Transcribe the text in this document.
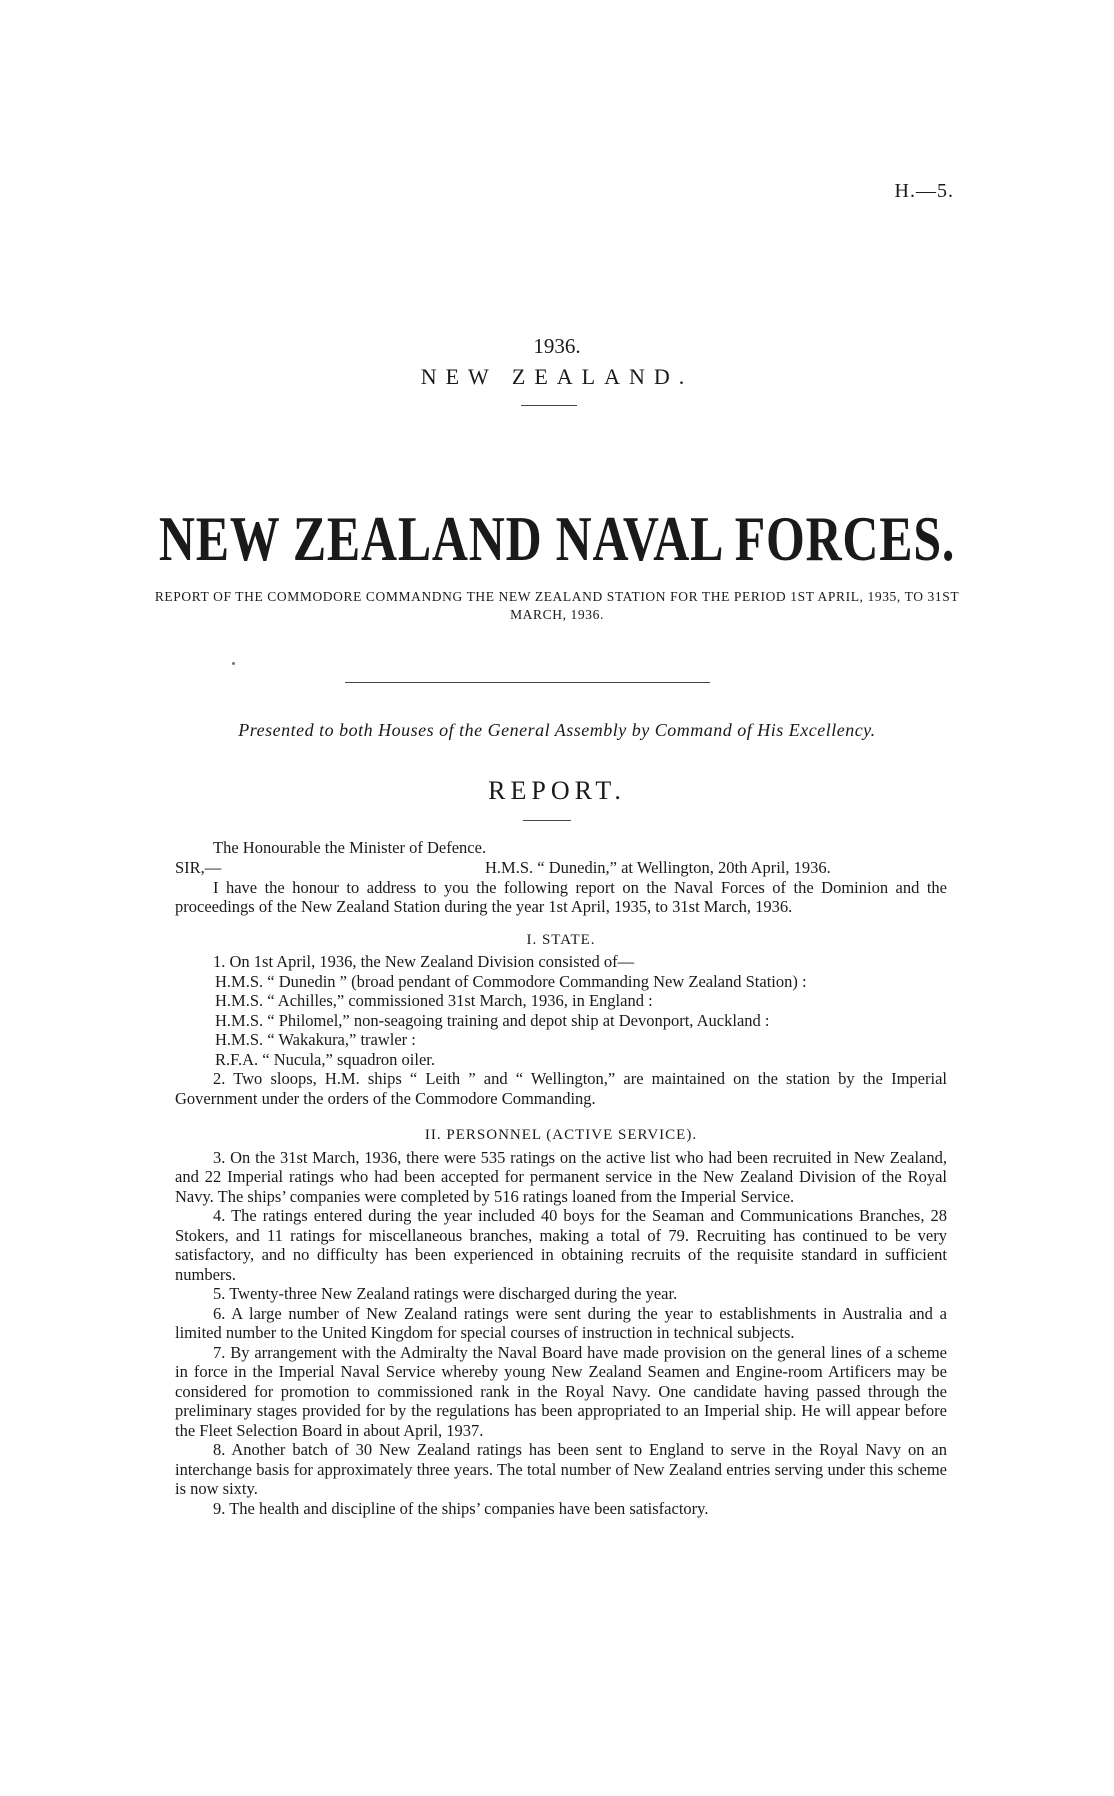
H.—5.
1936.
NEW ZEALAND.
NEW ZEALAND NAVAL FORCES.
REPORT OF THE COMMODORE COMMANDNG THE NEW ZEALAND STATION FOR THE PERIOD 1ST APRIL, 1935, TO 31ST MARCH, 1936.
Presented to both Houses of the General Assembly by Command of His Excellency.
REPORT.

The Honourable the Minister of Defence.

SIR,—	H.M.S. “ Dunedin,” at Wellington, 20th April, 1936.

I have the honour to address to you the following report on the Naval Forces of the Dominion and the proceedings of the New Zealand Station during the year 1st April, 1935, to 31st March, 1936.

I. STATE.

1. On 1st April, 1936, the New Zealand Division consisted of—

H.M.S. “ Dunedin ” (broad pendant of Commodore Commanding New Zealand Station) :
H.M.S. “ Achilles,” commissioned 31st March, 1936, in England :
H.M.S. “ Philomel,” non-seagoing training and depot ship at Devonport, Auckland :
H.M.S. “ Wakakura,” trawler :
R.F.A. “ Nucula,” squadron oiler.

2. Two sloops, H.M. ships “ Leith ” and “ Wellington,” are maintained on the station by the Imperial Government under the orders of the Commodore Commanding.

II. PERSONNEL (ACTIVE SERVICE).

3. On the 31st March, 1936, there were 535 ratings on the active list who had been recruited in New Zealand, and 22 Imperial ratings who had been accepted for permanent service in the New Zealand Division of the Royal Navy. The ships’ companies were completed by 516 ratings loaned from the Imperial Service.

4. The ratings entered during the year included 40 boys for the Seaman and Communications Branches, 28 Stokers, and 11 ratings for miscellaneous branches, making a total of 79. Recruiting has continued to be very satisfactory, and no difficulty has been experienced in obtaining recruits of the requisite standard in sufficient numbers.

5. Twenty-three New Zealand ratings were discharged during the year.

6. A large number of New Zealand ratings were sent during the year to establishments in Australia and a limited number to the United Kingdom for special courses of instruction in technical subjects.

7. By arrangement with the Admiralty the Naval Board have made provision on the general lines of a scheme in force in the Imperial Naval Service whereby young New Zealand Seamen and Engine-room Artificers may be considered for promotion to commissioned rank in the Royal Navy. One candidate having passed through the preliminary stages provided for by the regulations has been appropriated to an Imperial ship. He will appear before the Fleet Selection Board in about April, 1937.

8. Another batch of 30 New Zealand ratings has been sent to England to serve in the Royal Navy on an interchange basis for approximately three years. The total number of New Zealand entries serving under this scheme is now sixty.

9. The health and discipline of the ships’ companies have been satisfactory.
